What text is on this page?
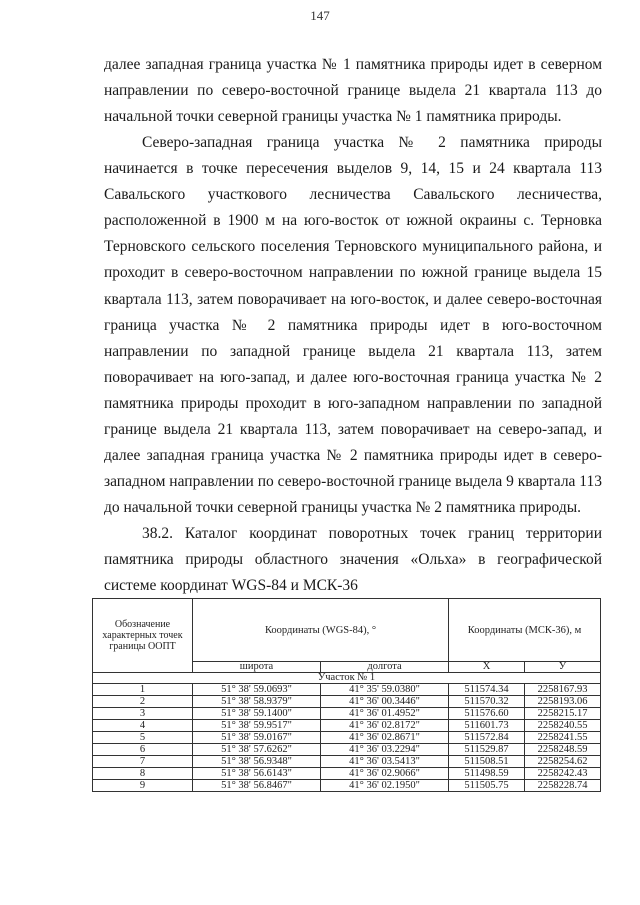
147

далее западная граница участка № 1 памятника природы идет в северном направлении по северо-восточной границе выдела 21 квартала 113 до начальной точки северной границы участка № 1 памятника природы.

Северо-западная граница участка № 2 памятника природы начинается в точке пересечения выделов 9, 14, 15 и 24 квартала 113 Савальского участкового лесничества Савальского лесничества, расположенной в 1900 м на юго-восток от южной окраины с. Терновка Терновского сельского поселения Терновского муниципального района, и проходит в северо-восточном направлении по южной границе выдела 15 квартала 113, затем поворачивает на юго-восток, и далее северо-восточная граница участка № 2 памятника природы идет в юго-восточном направлении по западной границе выдела 21 квартала 113, затем поворачивает на юго-запад, и далее юго-восточная граница участка № 2 памятника природы проходит в юго-западном направлении по западной границе выдела 21 квартала 113, затем поворачивает на северо-запад, и далее западная граница участка № 2 памятника природы идет в северо-западном направлении по северо-восточной границе выдела 9 квартала 113 до начальной точки северной границы участка № 2 памятника природы.

38.2. Каталог координат поворотных точек границ территории памятника природы областного значения «Ольха» в географической системе координат WGS-84 и МСК-36

Обозначение характерных точек границы ООПТ	Координаты (WGS-84), °		Координаты (МСК-36), м	
	широта	долгота	Х	У
Участок № 1				
1	51° 38' 59.0693"	41° 35' 59.0380"	511574.34	2258167.93
2	51° 38' 58.9379"	41° 36' 00.3446"	511570.32	2258193.06
3	51° 38' 59.1400"	41° 36' 01.4952"	511576.60	2258215.17
4	51° 38' 59.9517"	41° 36' 02.8172"	511601.73	2258240.55
5	51° 38' 59.0167"	41° 36' 02.8671"	511572.84	2258241.55
6	51° 38' 57.6262"	41° 36' 03.2294"	511529.87	2258248.59
7	51° 38' 56.9348"	41° 36' 03.5413"	511508.51	2258254.62
8	51° 38' 56.6143"	41° 36' 02.9066"	511498.59	2258242.43
9	51° 38' 56.8467"	41° 36' 02.1950"	511505.75	2258228.74
